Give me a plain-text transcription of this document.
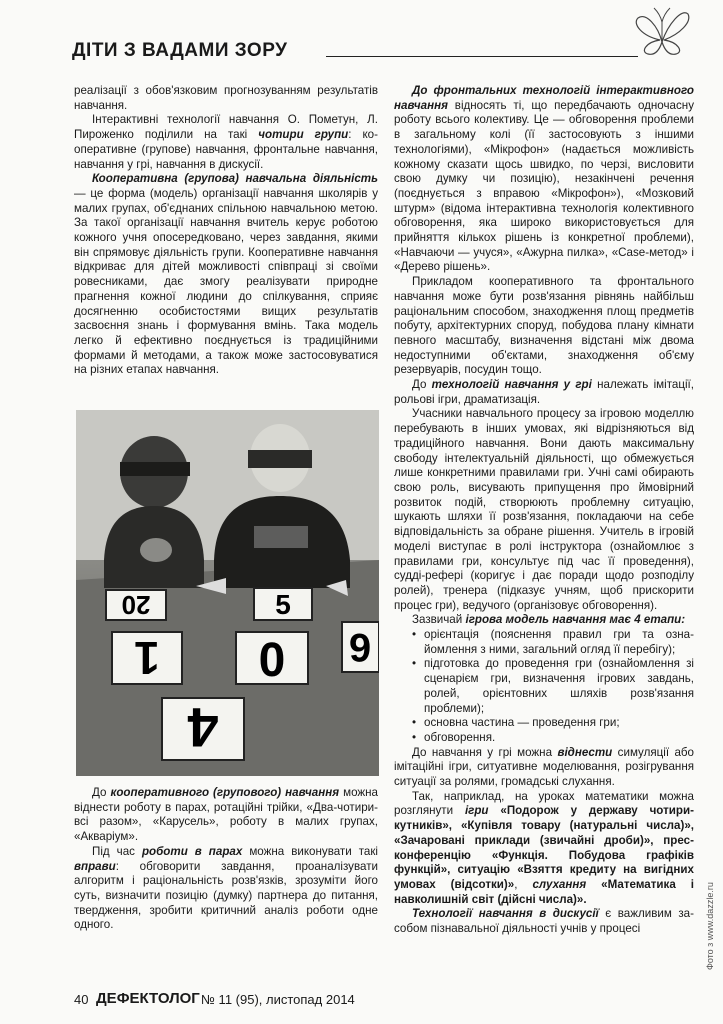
ДІТИ З ВАДАМИ ЗОРУ

реалізації з обов'язковим прогнозуванням результатів навчання.

Інтерактивні технології навчання О. Пометун, Л. Пироженко поділили на такі чотири групи: кооперативне (групове) навчання, фронтальне навчання, навчання у грі, навчання в дискусії.

Кооперативна (групова) навчальна діяльність — це форма (модель) організації навчання школярів у малих групах, об'єднаних спільною навчальною метою. За такої організації навчання вчитель керує роботою кожного учня опосередковано, через завдання, якими він спрямовує діяльність групи. Кооперативне навчання відкриває для дітей можливості співпраці зі своїми ровесниками, дає змогу реалізувати природне прагнення кожної людини до спілкування, сприяє досягненню особистостями вищих результатів засвоєння знань і формування вмінь. Така модель легко й ефективно поєднується із традиційними формами й методами, а також може застосовуватися на різних етапах навчання.

20	5
1 0 6
4

До кооперативного (групового) навчання можна віднести роботу в парах, ротаційні трійки, «Два-чотири-всі разом», «Карусель», роботу в малих групах, «Акваріум».

Під час роботи в парах можна виконувати такі вправи: обговорити завдання, проаналізувати алгоритм і раціональність розв'язків, зрозуміти його суть, визначити позицію (думку) партнера до питання, твердження, зробити критичний аналіз роботи одне одного.

До фронтальних технологій інтерактивного навчання відносять ті, що передбачають одночасну роботу всього колективу. Це — обговорення проблеми в загальному колі (її застосовують з іншими технологіями), «Мікрофон» (надається можливість кожному сказати щось швидко, по черзі, висловити свою думку чи позицію), незакінчені речення (поєднується з вправою «Мікрофон»), «Мозковий штурм» (відома інтерактивна технологія колективного обговорення, яка широко використовується для прийняття кількох рішень із конкретної проблеми), «Навчаючи — учуся», «Ажурна пилка», «Case-метод» і «Дерево рішень».

Прикладом кооперативного та фронтального навчання може бути розв'язання рівнянь найбільш раціональним способом, знаходження площ предметів побуту, архітектурних споруд, побудова плану кімнати певного масштабу, визначення відстані між двома недоступними об'єктами, знаходження об'єму резервуарів, посудин тощо.

До технологій навчання у грі належать імітації, рольові ігри, драматизація.

Учасники навчального процесу за ігровою моделлю перебувають в інших умовах, які відрізняються від традиційного навчання. Вони дають максимальну свободу інтелектуальній діяльності, що обмежується лише конкретними правилами гри. Учні самі обирають свою роль, висувають припущення про ймовірний розвиток подій, створюють проблемну ситуацію, шукають шляхи її розв'язання, покладаючи на себе відповідальність за обране рішення. Учитель в ігровій моделі виступає в ролі інструктора (ознайомлює з правилами гри, консультує під час її проведення), судді-рефері (коригує і дає поради щодо розподілу ролей), тренера (підказує учням, щоб прискорити процес гри), ведучого (організовує обговорення).

Зазвичай ігрова модель навчання має 4 етапи:

• орієнтація (пояснення правил гри та ознайомлення з ними, загальний огляд її перебігу);
• підготовка до проведення гри (ознайомлення зі сценарієм гри, визначення ігрових завдань, ролей, орієнтовних шляхів розв'язання проблеми);
• основна частина — проведення гри;
• обговорення.

До навчання у грі можна віднести симуляції або імітаційні ігри, ситуативне моделювання, розігрування ситуації за ролями, громадські слухання.

Так, наприклад, на уроках математики можна розглянути ігри «Подорож у державу чотирикутників», «Купівля товару (натуральні числа)», «Зачаровані приклади (звичайні дроби)», прес-конференцію «Функція. Побудова графіків функцій», ситуацію «Взяття кредиту на вигідних умовах (відсотки)», слухання «Математика і навколишній світ (дійсні числа)».

Технології навчання в дискусії є важливим засобом пізнавальної діяльності учнів у процесі	Фото з www.dazzle.ru
40 ДЕФЕКТОЛОГ № 11 (95), листопад 2014
